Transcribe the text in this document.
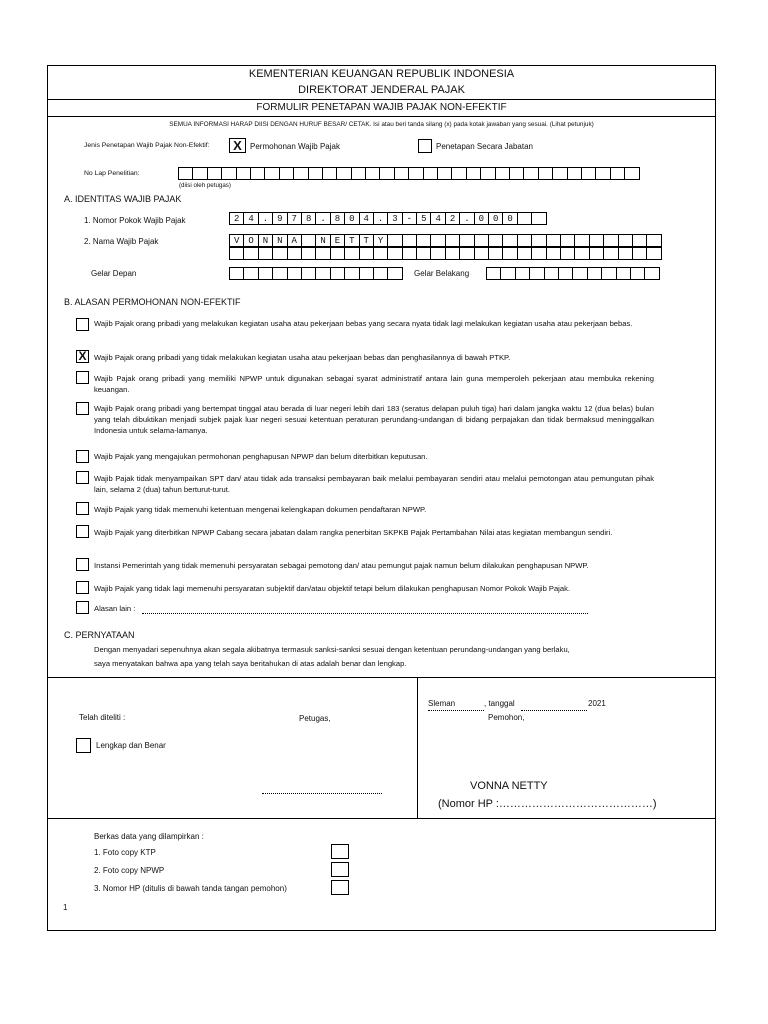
KEMENTERIAN KEUANGAN REPUBLIK INDONESIA
DIREKTORAT JENDERAL PAJAK
FORMULIR PENETAPAN WAJIB PAJAK NON-EFEKTIF
SEMUA INFORMASI HARAP DIISI DENGAN HURUF BESAR/ CETAK. Isi atau beri tanda silang (x) pada kotak jawaban yang sesuai. (Lihat petunjuk)
Jenis Penetapan Wajib Pajak Non-Efektif: X	Permohonan Wajib Pajak	Penetapan Secara Jabatan
No Lap Penelitian:
(diisi oleh petugas)
A. IDENTITAS WAJIB PAJAK
1. Nomor Pokok Wajib Pajak	2 4 . 9 7 8 . 8 0 4 . 3 - 5 4 2 . 0 0 0
2. Nama Wajib Pajak	V O N N A	N E T T Y
Gelar Depan	Gelar Belakang
B. ALASAN PERMOHONAN NON-EFEKTIF
Wajib Pajak orang pribadi yang melakukan kegiatan usaha atau pekerjaan bebas yang secara nyata tidak lagi melakukan kegiatan usaha atau pekerjaan bebas.
X Wajib Pajak orang pribadi yang tidak melakukan kegiatan usaha atau pekerjaan bebas dan penghasilannya di bawah PTKP.
Wajib Pajak orang pribadi yang memiliki NPWP untuk digunakan sebagai syarat administratif antara lain guna memperoleh pekerjaan atau membuka rekening keuangan.
Wajib Pajak orang pribadi yang bertempat tinggal atau berada di luar negeri lebih dari 183 (seratus delapan puluh tiga) hari dalam jangka waktu 12 (dua belas) bulan yang telah dibuktikan menjadi subjek pajak luar negeri sesuai ketentuan peraturan perundang-undangan di bidang perpajakan dan tidak bermaksud meninggalkan Indonesia untuk selama-lamanya.
Wajib Pajak yang mengajukan permohonan penghapusan NPWP dan belum diterbitkan keputusan.
Wajib Pajak tidak menyampaikan SPT dan/ atau tidak ada transaksi pembayaran baik melalui pembayaran sendiri atau melalui pemotongan atau pemungutan pihak lain, selama 2 (dua) tahun berturut-turut.
Wajib Pajak yang tidak memenuhi ketentuan mengenai kelengkapan dokumen pendaftaran NPWP.
Wajib Pajak yang diterbitkan NPWP Cabang secara jabatan dalam rangka penerbitan SKPKB Pajak Pertambahan Nilai atas kegiatan membangun sendiri.
Instansi Pemerintah yang tidak memenuhi persyaratan sebagai pemotong dan/ atau pemungut pajak namun belum dilakukan penghapusan NPWP.
Wajib Pajak yang tidak lagi memenuhi persyaratan subjektif dan/atau objektif tetapi belum dilakukan penghapusan Nomor Pokok Wajib Pajak.
Alasan lain :
C. PERNYATAAN
Dengan menyadari sepenuhnya akan segala akibatnya termasuk sanksi-sanksi sesuai dengan ketentuan perundang-undangan yang berlaku,
saya menyatakan bahwa apa yang telah saya beritahukan di atas adalah benar dan lengkap.
Telah diteliti :	Petugas,
Lengkap dan Benar
Sleman	, tanggal	2021
Pemohon,
VONNA NETTY
(Nomor HP :……………………………………)
Berkas data yang dilampirkan :
1. Foto copy KTP
2. Foto copy NPWP
3. Nomor HP (ditulis di bawah tanda tangan pemohon)
1
